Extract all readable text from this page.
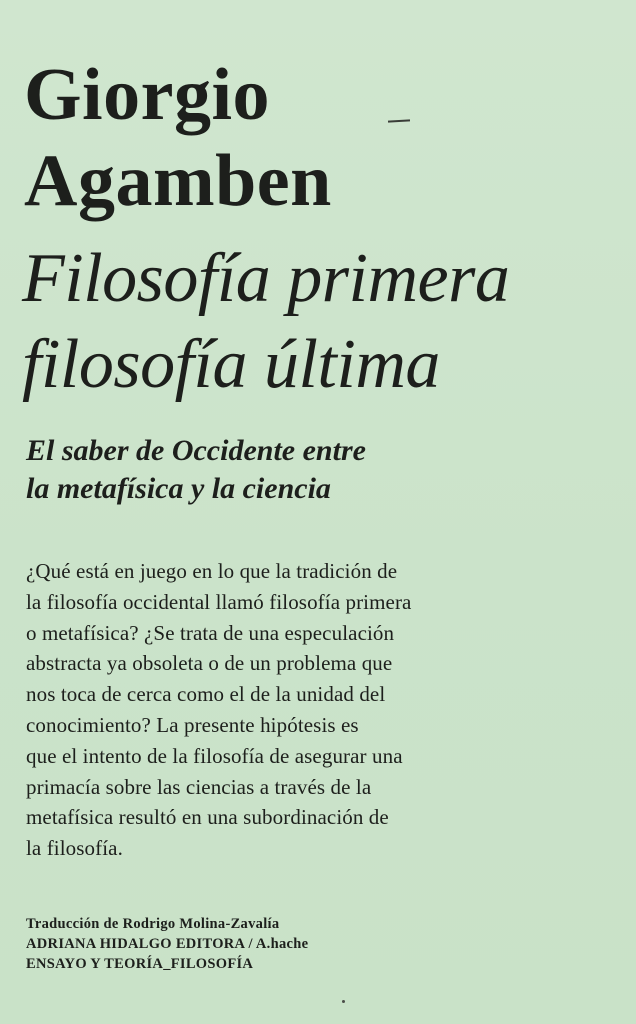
Giorgio
Agamben
Filosofía primera
filosofía última
El saber de Occidente entre
la metafísica y la ciencia

¿Qué está en juego en lo que la tradición de
la filosofía occidental llamó filosofía primera
o metafísica? ¿Se trata de una especulación
abstracta ya obsoleta o de un problema que
nos toca de cerca como el de la unidad del
conocimiento? La presente hipótesis es
que el intento de la filosofía de asegurar una
primacía sobre las ciencias a través de la
metafísica resultó en una subordinación de
la filosofía.

Traducción de Rodrigo Molina-Zavalía
ADRIANA HIDALGO EDITORA / A.hache
ENSAYO Y TEORÍA_FILOSOFÍA
